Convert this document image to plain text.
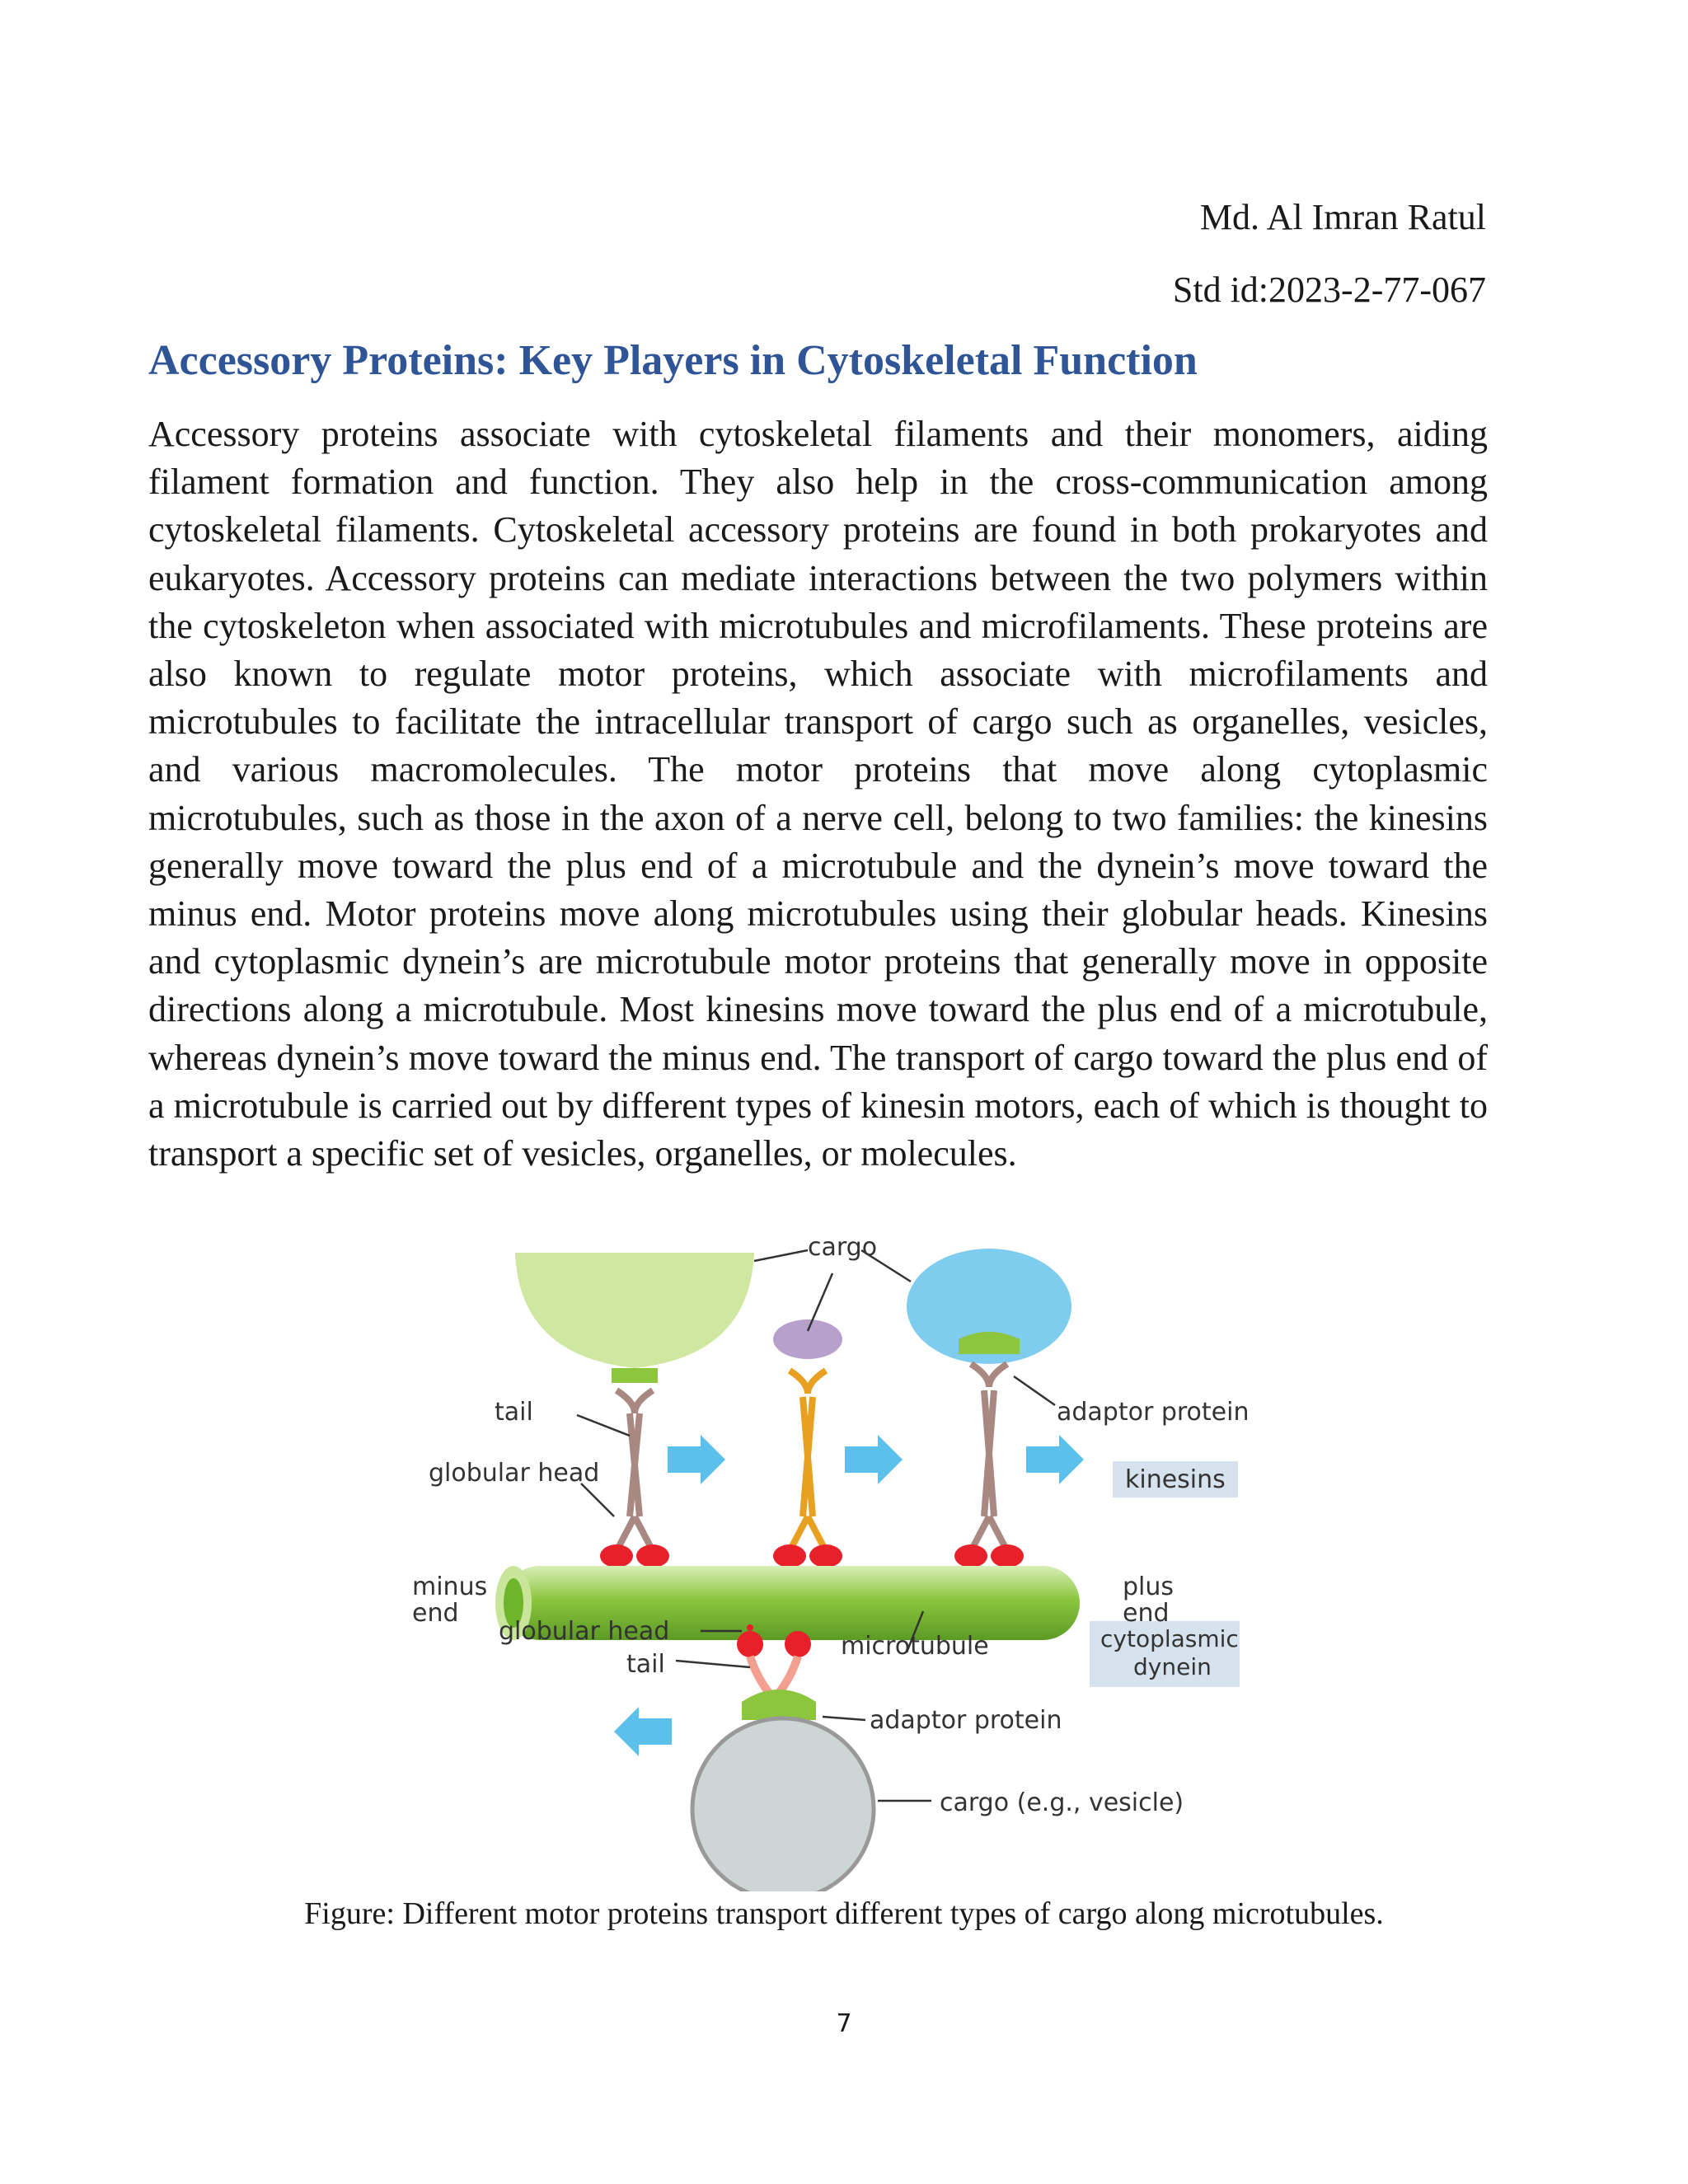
Md. Al Imran Ratul
Std id:2023-2-77-067
Accessory Proteins: Key Players in Cytoskeletal Function
Accessory proteins associate with cytoskeletal filaments and their monomers, aiding filament formation and function. They also help in the cross-communication among cytoskeletal filaments. Cytoskeletal accessory proteins are found in both prokaryotes and eukaryotes. Accessory proteins can mediate interactions between the two polymers within the cytoskeleton when associated with microtubules and microfilaments. These proteins are also known to regulate motor proteins, which associate with microfilaments and microtubules to facilitate the intracellular transport of cargo such as organelles, vesicles, and various macromolecules. The motor proteins that move along cytoplasmic microtubules, such as those in the axon of a nerve cell, belong to two families: the kinesins generally move toward the plus end of a microtubule and the dynein’s move toward the minus end. Motor proteins move along microtubules using their globular heads. Kinesins and cytoplasmic dynein’s are microtubule motor proteins that generally move in opposite directions along a microtubule. Most kinesins move toward the plus end of a microtubule, whereas dynein’s move toward the minus end. The transport of cargo toward the plus end of a microtubule is carried out by different types of kinesin motors, each of which is thought to transport a specific set of vesicles, organelles, or molecules.
cargo
tail
globular head
adaptor protein
kinesins
minus
end
plus
end
globular head
tail
microtubule	cytoplasmic
dynein
adaptor protein
cargo (e.g., vesicle)
Figure: Different motor proteins transport different types of cargo along microtubules.
7
